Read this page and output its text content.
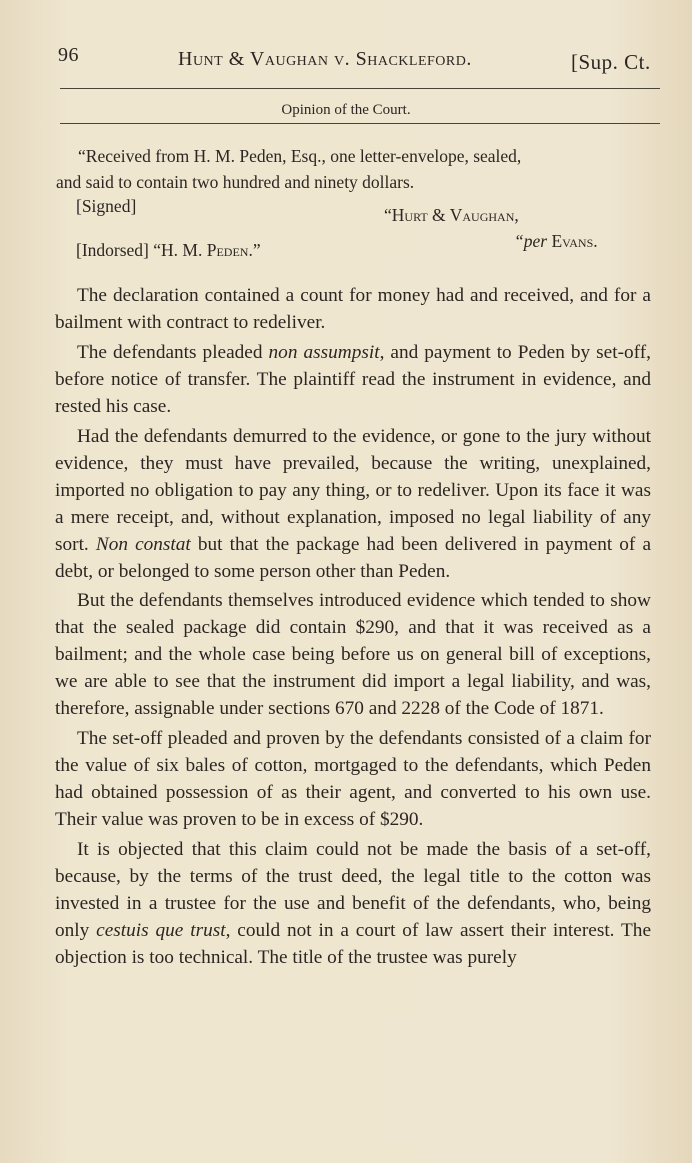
96	Hunt & Vaughan v. Shackleford.	[Sup. Ct.
Opinion of the Court.
“Received from H. M. Peden, Esq., one letter-envelope, sealed,
and said to contain two hundred and ninety dollars.
[Signed]	“Hurt & Vaughan,
“per Evans.
[Indorsed] “H. M. Peden.”

The declaration contained a count for money had and received, and for a bailment with contract to redeliver.

The defendants pleaded non assumpsit, and payment to Peden by set-off, before notice of transfer. The plaintiff read the instrument in evidence, and rested his case.

Had the defendants demurred to the evidence, or gone to the jury without evidence, they must have prevailed, because the writing, unexplained, imported no obligation to pay any thing, or to redeliver. Upon its face it was a mere receipt, and, without explanation, imposed no legal liability of any sort. Non constat but that the package had been delivered in payment of a debt, or belonged to some person other than Peden.

But the defendants themselves introduced evidence which tended to show that the sealed package did contain $290, and that it was received as a bailment; and the whole case being before us on general bill of exceptions, we are able to see that the instrument did import a legal liability, and was, therefore, assignable under sections 670 and 2228 of the Code of 1871.

The set-off pleaded and proven by the defendants consisted of a claim for the value of six bales of cotton, mortgaged to the defendants, which Peden had obtained possession of as their agent, and converted to his own use. Their value was proven to be in excess of $290.

It is objected that this claim could not be made the basis of a set-off, because, by the terms of the trust deed, the legal title to the cotton was invested in a trustee for the use and benefit of the defendants, who, being only cestuis que trust, could not in a court of law assert their interest. The objection is too technical. The title of the trustee was purely
